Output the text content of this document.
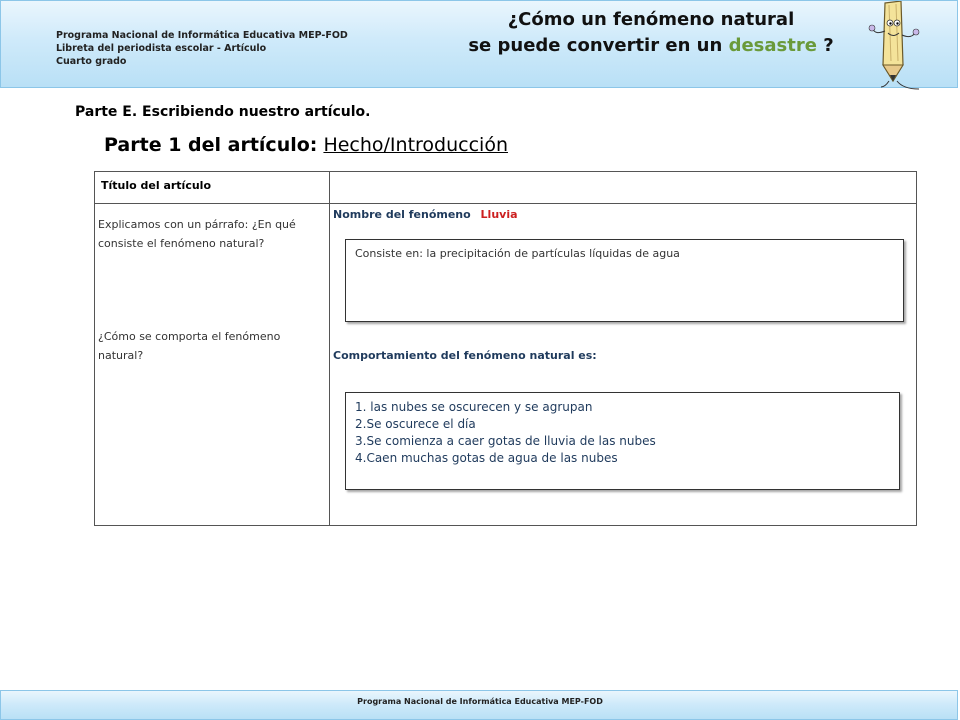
Programa Nacional de Informática Educativa MEP-FOD
Libreta del periodista escolar - Artículo
Cuarto grado
¿Cómo un fenómeno natural
se puede convertir en un desastre ?
Parte E. Escribiendo nuestro artículo.
Parte 1 del artículo: Hecho/Introducción
Título del artículo
Explicamos con un párrafo: ¿En qué consiste el fenómeno natural?
¿Cómo se comporta el fenómeno natural?
Nombre del fenómeno Lluvia
Consiste en: la precipitación de partículas líquidas de agua
Comportamiento del fenómeno natural es:
1. las nubes se oscurecen y se agrupan
2.Se oscurece el día
3.Se comienza a caer gotas de lluvia de las nubes
4.Caen muchas gotas de agua de las nubes
Programa Nacional de Informática Educativa MEP-FOD
